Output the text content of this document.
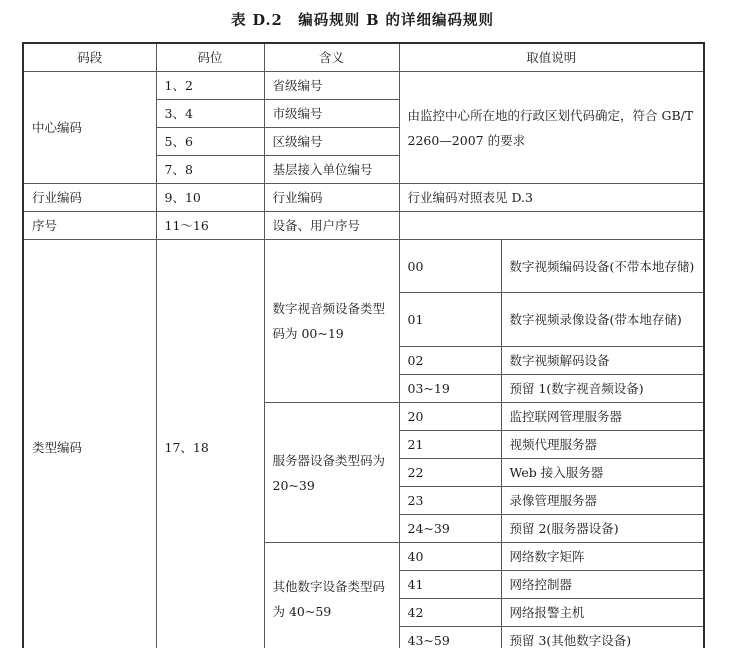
表 D.2　编码规则 B 的详细编码规则
码段	码位	含义	取值说明	
中心编码	1、2	省级编号	由监控中心所在地的行政区划代码确定，符合 GB/T 2260—2007 的要求	
	3、4	市级编号		
	5、6	区级编号		
	7、8	基层接入单位编号		
行业编码	9、10	行业编码	行业编码对照表见 D.3	
序号	11～16	设备、用户序号		
类型编码	17、18	数字视音频设备类型码为 00~19	00	数字视频编码设备(不带本地存储)
			01	数字视频录像设备(带本地存储)
			02	数字视频解码设备
			03~19	预留 1(数字视音频设备)
		服务器设备类型码为 20~39	20	监控联网管理服务器
			21	视频代理服务器
			22	Web 接入服务器
			23	录像管理服务器
			24~39	预留 2(服务器设备)
		其他数字设备类型码为 40~59	40	网络数字矩阵
			41	网络控制器
			42	网络报警主机
			43~59	预留 3(其他数字设备)
